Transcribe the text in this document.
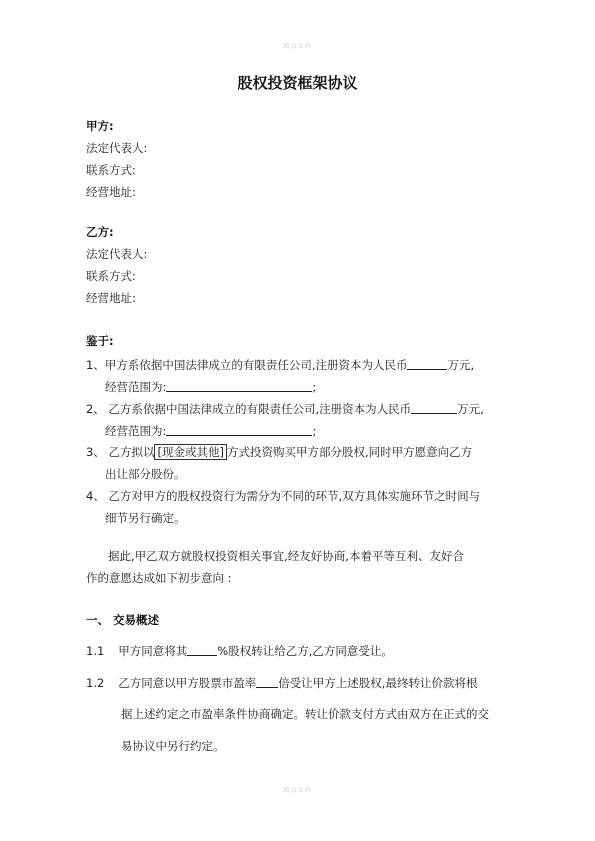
精品文档
股权投资框架协议
甲方:
法定代表人:
联系方式:
经营地址:
乙方:
法定代表人:
联系方式:
经营地址:
鉴于:
1、甲方系依据中国法律成立的有限责任公司,注册资本为人民币	万元,
经营范围为:	;
2、 乙方系依据中国法律成立的有限责任公司,注册资本为人民币	万元,
经营范围为:	;
3、 乙方拟以 [现金或其他] 方式投资购买甲方部分股权,同时甲方愿意向乙方
出让部分股份。
4、 乙方对甲方的股权投资行为需分为不同的环节,双方具体实施环节之时间与
细节另行确定。
据此,甲乙双方就股权投资相关事宜,经友好协商,本着平等互利、友好合
作的意愿达成如下初步意向 :
一、 交易概述
1.1 甲方同意将其	%股权转让给乙方,乙方同意受让。
1.2 乙方同意以甲方股票市盈率 倍受让甲方上述股权,最终转让价款将根
据上述约定之市盈率条件协商确定。转让价款支付方式由双方在正式的交
易协议中另行约定。
精品文档
